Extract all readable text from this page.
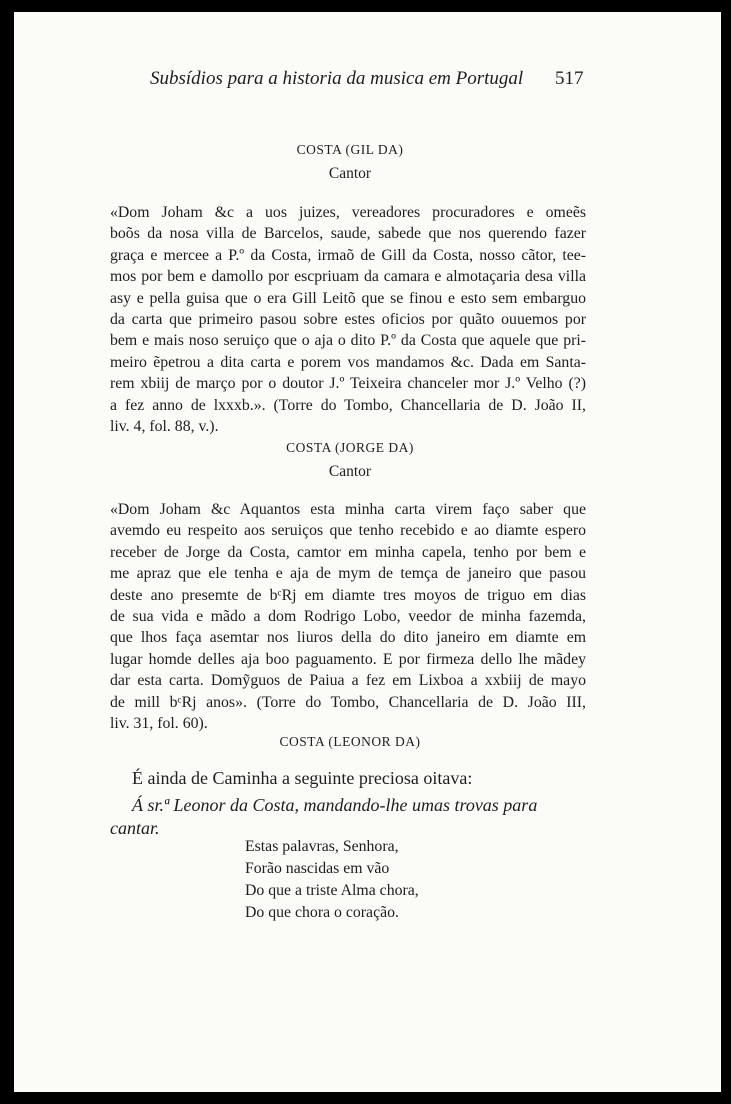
Subsídios para a historia da musica em Portugal 517
COSTA (GIL DA)
Cantor
«Dom Joham &c a uos juizes, vereadores procuradores e omeẽs
boõs da nosa villa de Barcelos, saude, sabede que nos querendo fazer
graça e mercee a P.º da Costa, irmaõ de Gill da Costa, nosso cãtor, tee-
mos por bem e damollo por escpriuam da camara e almotaçaria desa villa
asy e pella guisa que o era Gill Leitõ que se finou e esto sem embarguo
da carta que primeiro pasou sobre estes oficios por quãto ouuemos por
bem e mais noso seruiço que o aja o dito P.º da Costa que aquele que pri-
meiro ẽpetrou a dita carta e porem vos mandamos &c. Dada em Santa-
rem xbiij de março por o doutor J.º Teixeira chanceler mor J.º Velho (?)
a fez anno de lxxxb.». (Torre do Tombo, Chancellaria de D. João II,
liv. 4, fol. 88, v.).
COSTA (JORGE DA)
Cantor
«Dom Joham &c Aquantos esta minha carta virem faço saber que
avemdo eu respeito aos seruiços que tenho recebido e ao diamte espero
receber de Jorge da Costa, camtor em minha capela, tenho por bem e
me apraz que ele tenha e aja de mym de temça de janeiro que pasou
deste ano presemte de bᶜRj em diamte tres moyos de triguo em dias
de sua vida e mãdo a dom Rodrigo Lobo, veedor de minha fazemda,
que lhos faça asemtar nos liuros della do dito janeiro em diamte em
lugar homde delles aja boo paguamento. E por firmeza dello lhe mãdey
dar esta carta. Domỹguos de Paiua a fez em Lixboa a xxbiij de mayo
de mill bᶜRj anos». (Torre do Tombo, Chancellaria de D. João III,
liv. 31, fol. 60).
COSTA (LEONOR DA)
É ainda de Caminha a seguinte preciosa oitava:
Á sr.ª Leonor da Costa, mandando-lhe umas trovas para
cantar.
Estas palavras, Senhora,
Forão nascidas em vão
Do que a triste Alma chora,
Do que chora o coração.
